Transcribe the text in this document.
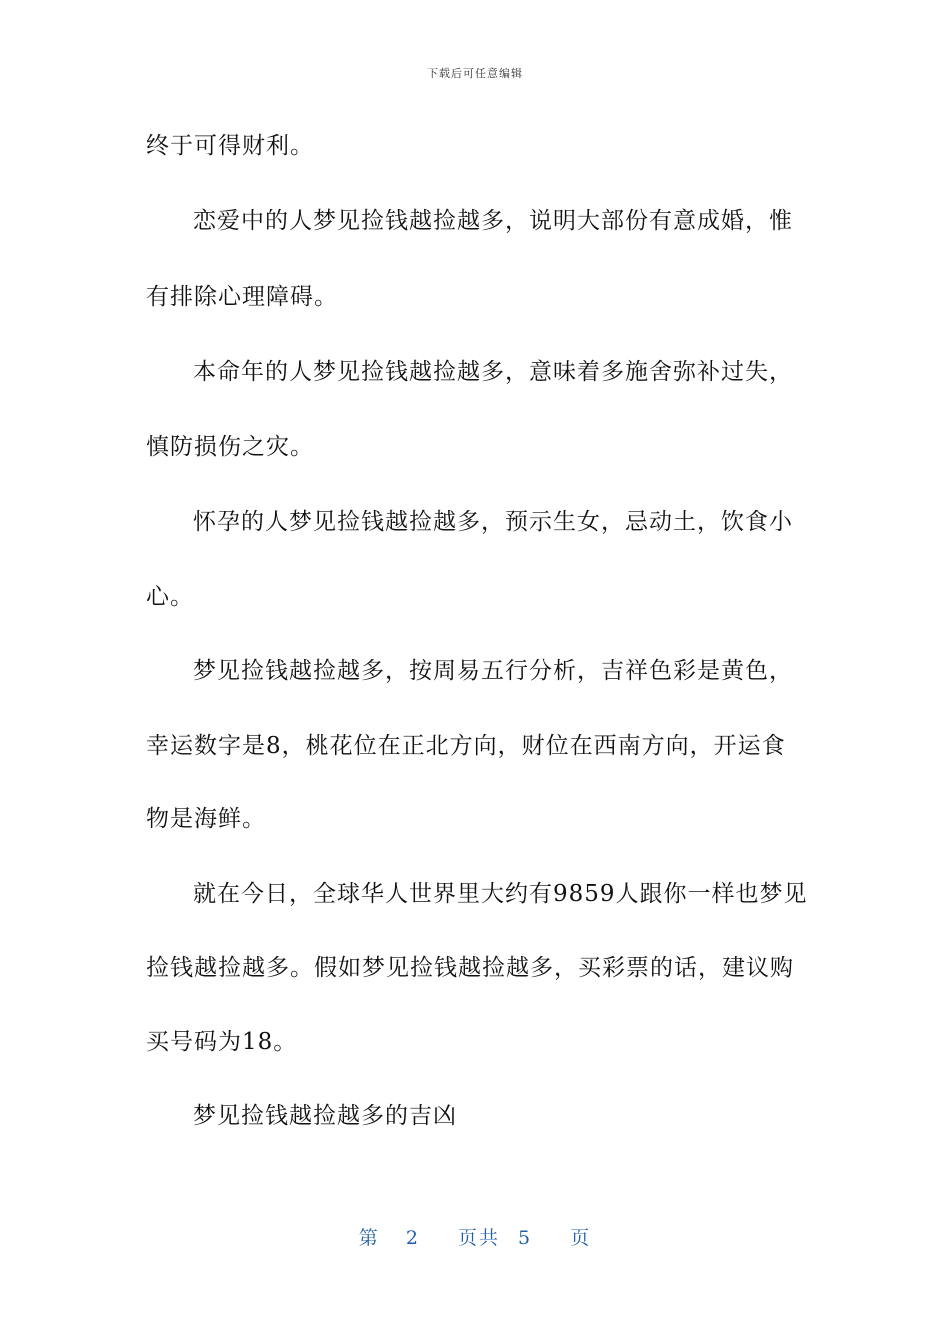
下载后可任意编辑
终于可得财利。
恋爱中的人梦见捡钱越捡越多，说明大部份有意成婚，惟
有排除心理障碍。
本命年的人梦见捡钱越捡越多，意味着多施舍弥补过失，
慎防损伤之灾。
怀孕的人梦见捡钱越捡越多，预示生女，忌动土，饮食小
心。
梦见捡钱越捡越多，按周易五行分析，吉祥色彩是黄色，
幸运数字是8，桃花位在正北方向，财位在西南方向，开运食
物是海鲜。
就在今日，全球华人世界里大约有9859人跟你一样也梦见
捡钱越捡越多。假如梦见捡钱越捡越多，买彩票的话，建议购
买号码为18。
梦见捡钱越捡越多的吉凶
第 2 页共 5 页
